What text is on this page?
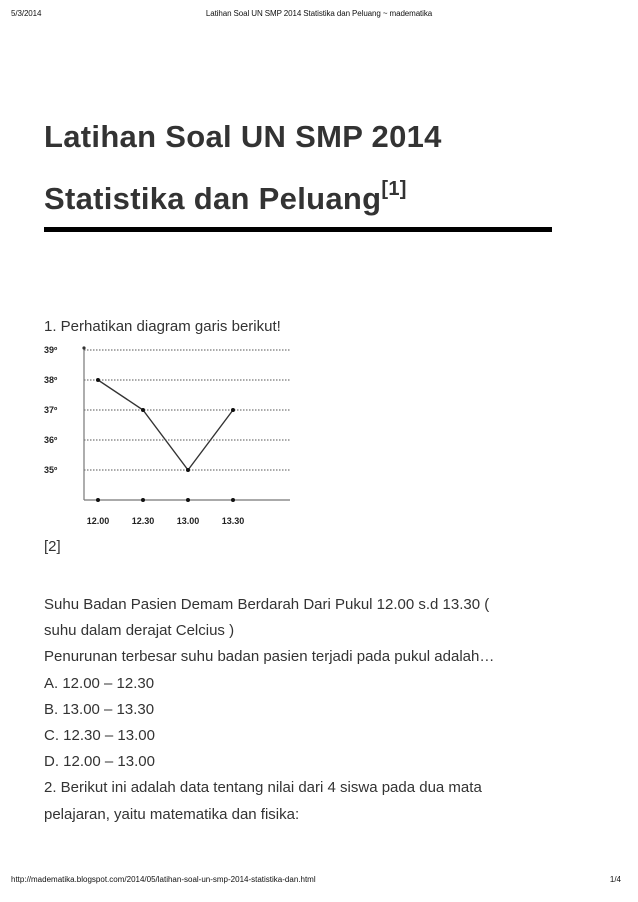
5/3/2014	Latihan Soal UN SMP 2014 Statistika dan Peluang ~ madematika
Latihan Soal UN SMP 2014
Statistika dan Peluang[1]
1. Perhatikan diagram garis berikut!
35º
36º
37º
38º
39º
12.00 12.30 13.00 13.30
[2]
Suhu Badan Pasien Demam Berdarah Dari Pukul 12.00 s.d 13.30 (
suhu dalam derajat Celcius )
Penurunan terbesar suhu badan pasien terjadi pada pukul adalah…
A. 12.00 – 12.30
B. 13.00 – 13.30
C. 12.30 – 13.00
D. 12.00 – 13.00
2. Berikut ini adalah data tentang nilai dari 4 siswa pada dua mata
pelajaran, yaitu matematika dan fisika:
http://madematika.blogspot.com/2014/05/latihan-soal-un-smp-2014-statistika-dan.html	1/4
